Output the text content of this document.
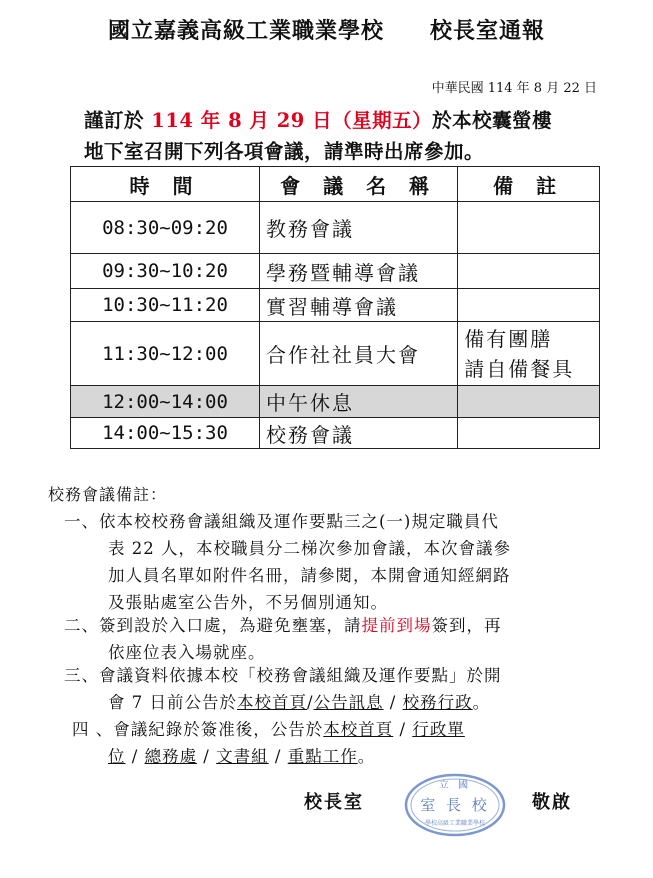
國立嘉義高級工業職業學校　　校長室通報
中華民國 114 年 8 月 22 日
謹訂於 114 年 8 月 29 日（星期五）於本校囊螢樓
地下室召開下列各項會議，請準時出席參加。
時 間	會 議 名 稱	備 註
08:30~09:20	教務會議	
09:30~10:20	學務暨輔導會議	
10:30~11:20	實習輔導會議	
11:30~12:00	合作社社員大會	備有團膳
請自備餐具
12:00~14:00	中午休息	
14:00~15:30	校務會議	
校務會議備註：
一、依本校校務會議組織及運作要點三之(一)規定職員代
表 22 人，本校職員分二梯次參加會議，本次會議參
加人員名單如附件名冊，請參閱，本開會通知經網路
及張貼處室公告外，不另個別通知。
二、簽到設於入口處，為避免壅塞，請提前到場簽到，再
依座位表入場就座。
三、會議資料依據本校「校務會議組織及運作要點」於開
會 7 日前公告於本校首頁/公告訊息 / 校務行政。
四 、會議紀錄於簽准後，公告於本校首頁 / 行政單
位 / 總務處 / 文書組 / 重點工作。
校長室
立 國
室 長 校
學校高級工業職業學校
敬啟
